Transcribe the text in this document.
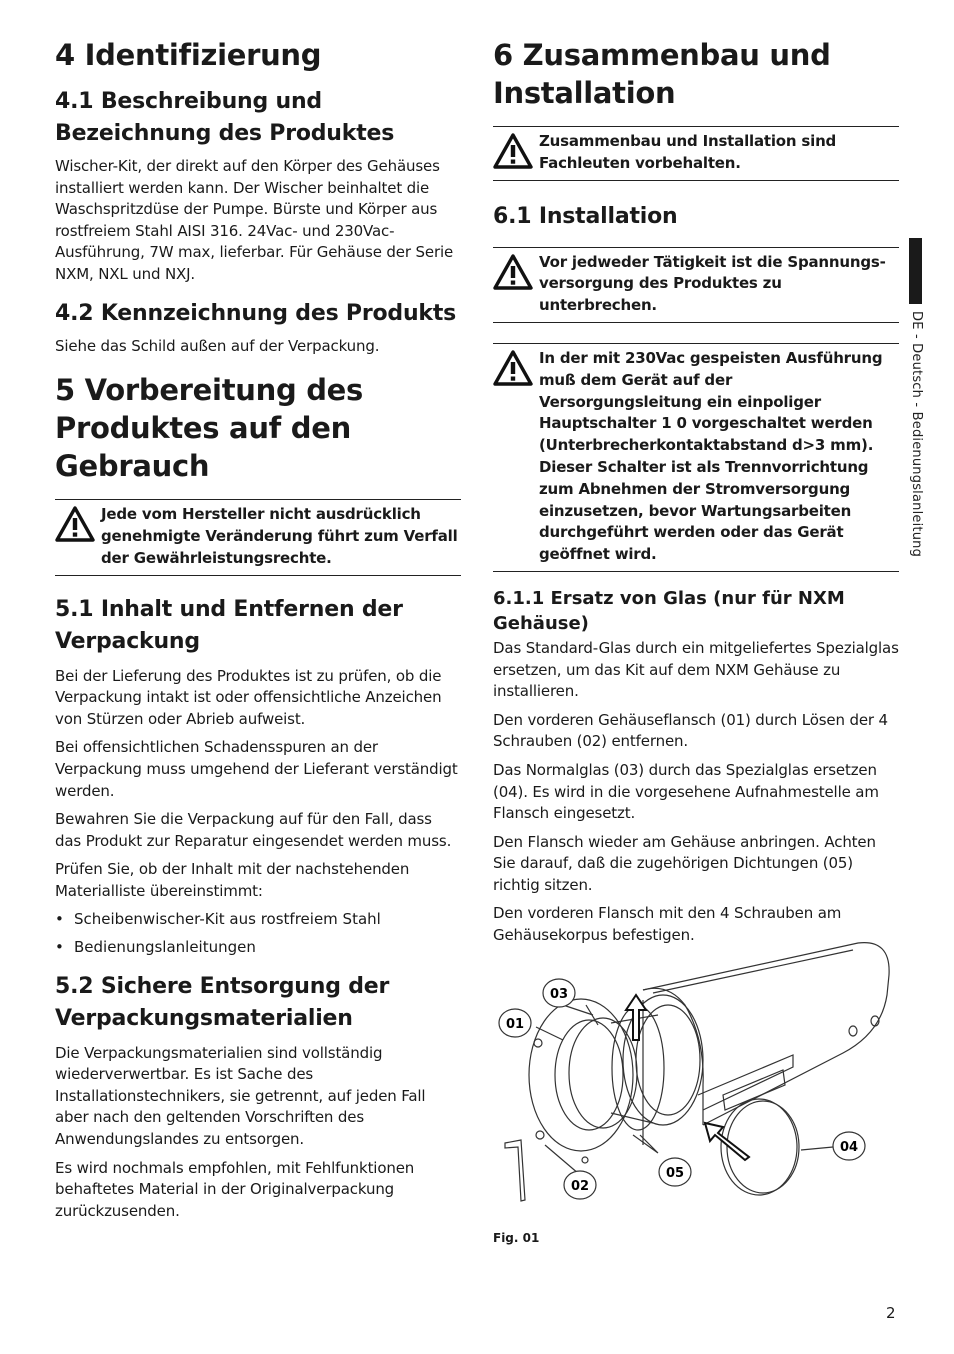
4 Identifizierung
4.1 Beschreibung und Bezeichnung des Produktes

Wischer-Kit, der direkt auf den Körper des Gehäuses installiert werden kann. Der Wischer beinhaltet die Waschspritzdüse der Pumpe. Bürste und Körper aus rostfreiem Stahl AISI 316. 24Vac- und 230Vac-Ausführung, 7W max, lieferbar. Für Gehäuse der Serie NXM, NXL und NXJ.

4.2 Kennzeichnung des Produkts

Siehe das Schild außen auf der Verpackung.

5 Vorbereitung des Produktes auf den Gebrauch
Jede vom Hersteller nicht ausdrücklich genehmigte Veränderung führt zum Verfall der Gewährleistungsrechte.
5.1 Inhalt und Entfernen der Verpackung

Bei der Lieferung des Produktes ist zu prüfen, ob die Verpackung intakt ist oder offensichtliche Anzeichen von Stürzen oder Abrieb aufweist.

Bei offensichtlichen Schadensspuren an der Verpackung muss umgehend der Lieferant verständigt werden.

Bewahren Sie die Verpackung auf für den Fall, dass das Produkt zur Reparatur eingesendet werden muss.

Prüfen Sie, ob der Inhalt mit der nachstehenden Materialliste übereinstimmt:

• Scheibenwischer-Kit aus rostfreiem Stahl
• Bedienungslanleitungen
5.2 Sichere Entsorgung der Verpackungsmaterialien

Die Verpackungsmaterialien sind vollständig wiederverwertbar. Es ist Sache des Installationstechnikers, sie getrennt, auf jeden Fall aber nach den geltenden Vorschriften des Anwendungslandes zu entsorgen.

Es wird nochmals empfohlen, mit Fehlfunktionen behaftetes Material in der Originalverpackung zurückzusenden.

6 Zusammenbau und Installation
Zusammenbau und Installation sind Fachleuten vorbehalten.
6.1 Installation
Vor jedweder Tätigkeit ist die Spannungs-versorgung des Produktes zu unterbrechen.
In der mit 230Vac gespeisten Ausführung muß dem Gerät auf der Versorgungsleitung ein einpoliger Hauptschalter 1 0 vorgeschaltet werden (Unterbrecherkontaktabstand d>3 mm). Dieser Schalter ist als Trennvorrichtung zum Abnehmen der Stromversorgung einzusetzen, bevor Wartungsarbeiten durchgeführt werden oder das Gerät geöffnet wird.
6.1.1 Ersatz von Glas (nur für NXM Gehäuse)

Das Standard-Glas durch ein mitgeliefertes Spezialglas ersetzen, um das Kit auf dem NXM Gehäuse zu installieren.

Den vorderen Gehäuseflansch (01) durch Lösen der 4 Schrauben (02) entfernen.

Das Normalglas (03) durch das Spezialglas ersetzen (04). Es wird in die vorgesehene Aufnahmestelle am Flansch eingesetzt.

Den Flansch wieder am Gehäuse anbringen. Achten Sie darauf, daß die zugehörigen Dichtungen (05) richtig sitzen.

Den vorderen Flansch mit den 4 Schrauben am Gehäusekorpus befestigen.

01
03
04
02
05
Fig. 01
DE - Deutsch - Bedienungslanleitung
2
